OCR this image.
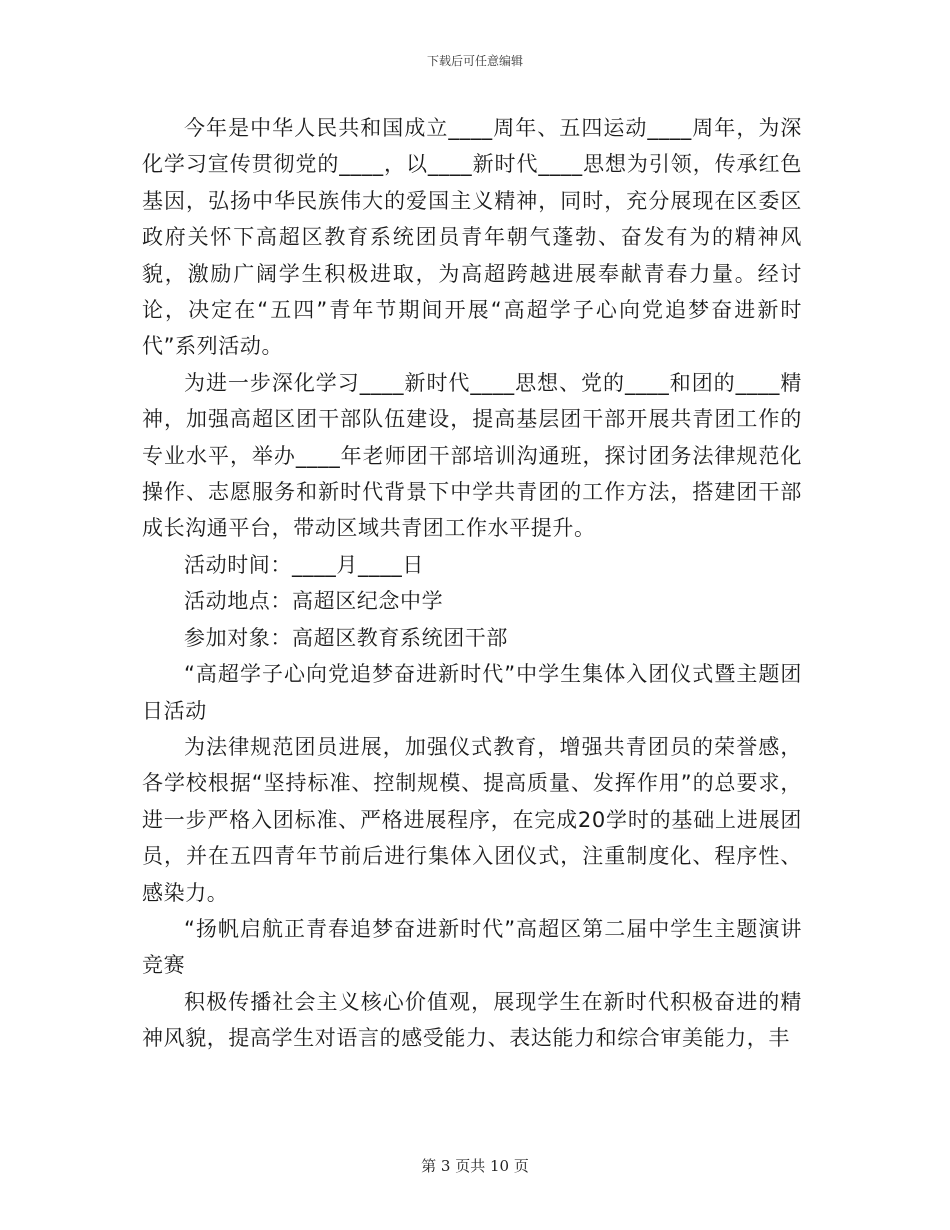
下载后可任意编辑

今年是中华人民共和国成立____周年、五四运动____周年，为深化学习宣传贯彻党的____，以____新时代____思想为引领，传承红色基因，弘扬中华民族伟大的爱国主义精神，同时，充分展现在区委区政府关怀下高超区教育系统团员青年朝气蓬勃、奋发有为的精神风貌，激励广阔学生积极进取，为高超跨越进展奉献青春力量。经讨论，决定在“五四”青年节期间开展“高超学子心向党追梦奋进新时代”系列活动。

为进一步深化学习____新时代____思想、党的____和团的____精神，加强高超区团干部队伍建设，提高基层团干部开展共青团工作的专业水平，举办____年老师团干部培训沟通班，探讨团务法律规范化操作、志愿服务和新时代背景下中学共青团的工作方法，搭建团干部成长沟通平台，带动区域共青团工作水平提升。

活动时间：____月____日

活动地点：高超区纪念中学

参加对象：高超区教育系统团干部

“高超学子心向党追梦奋进新时代”中学生集体入团仪式暨主题团日活动

为法律规范团员进展，加强仪式教育，增强共青团员的荣誉感，各学校根据“坚持标准、控制规模、提高质量、发挥作用”的总要求，进一步严格入团标准、严格进展程序，在完成20学时的基础上进展团员，并在五四青年节前后进行集体入团仪式，注重制度化、程序性、感染力。

“扬帆启航正青春追梦奋进新时代”高超区第二届中学生主题演讲竞赛

积极传播社会主义核心价值观，展现学生在新时代积极奋进的精神风貌，提高学生对语言的感受能力、表达能力和综合审美能力，丰

第 3 页共 10 页
